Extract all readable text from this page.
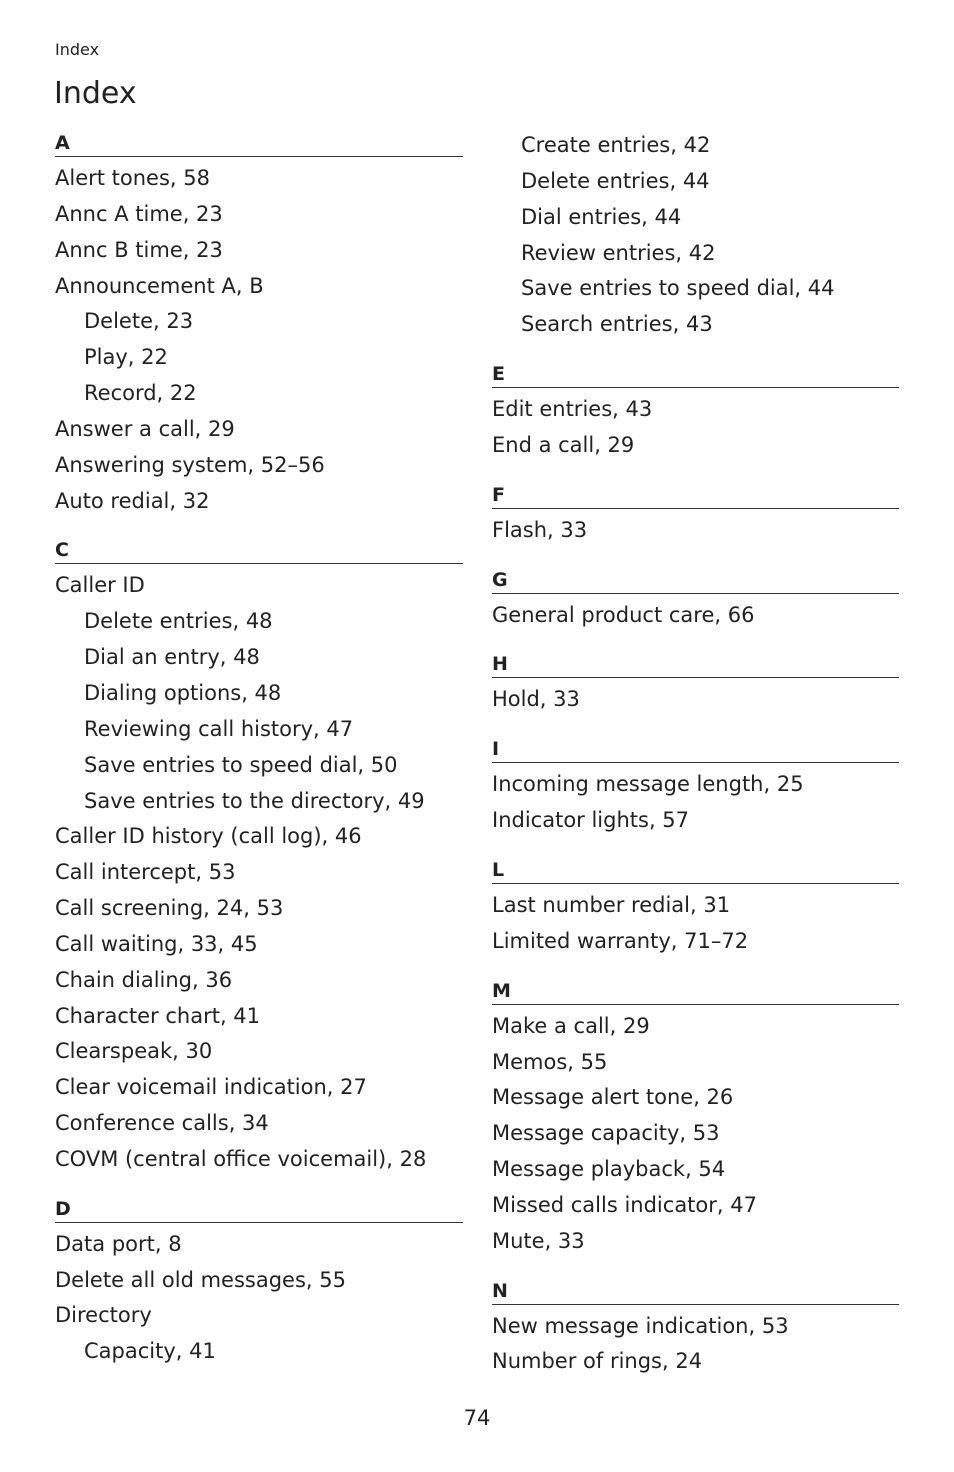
Index
Index
A
Alert tones, 58
Annc A time, 23
Annc B time, 23
Announcement A, B
Delete, 23
Play, 22
Record, 22
Answer a call, 29
Answering system, 52–56
Auto redial, 32
C
Caller ID
Delete entries, 48
Dial an entry, 48
Dialing options, 48
Reviewing call history, 47
Save entries to speed dial, 50
Save entries to the directory, 49
Caller ID history (call log), 46
Call intercept, 53
Call screening, 24, 53
Call waiting, 33, 45
Chain dialing, 36
Character chart, 41
Clearspeak, 30
Clear voicemail indication, 27
Conference calls, 34
COVM (central office voicemail), 28
D
Data port, 8
Delete all old messages, 55
Directory
Capacity, 41
Create entries, 42
Delete entries, 44
Dial entries, 44
Review entries, 42
Save entries to speed dial, 44
Search entries, 43
E
Edit entries, 43
End a call, 29
F
Flash, 33
G
General product care, 66
H
Hold, 33
I
Incoming message length, 25
Indicator lights, 57
L
Last number redial, 31
Limited warranty, 71–72
M
Make a call, 29
Memos, 55
Message alert tone, 26
Message capacity, 53
Message playback, 54
Missed calls indicator, 47
Mute, 33
N
New message indication, 53
Number of rings, 24
74
